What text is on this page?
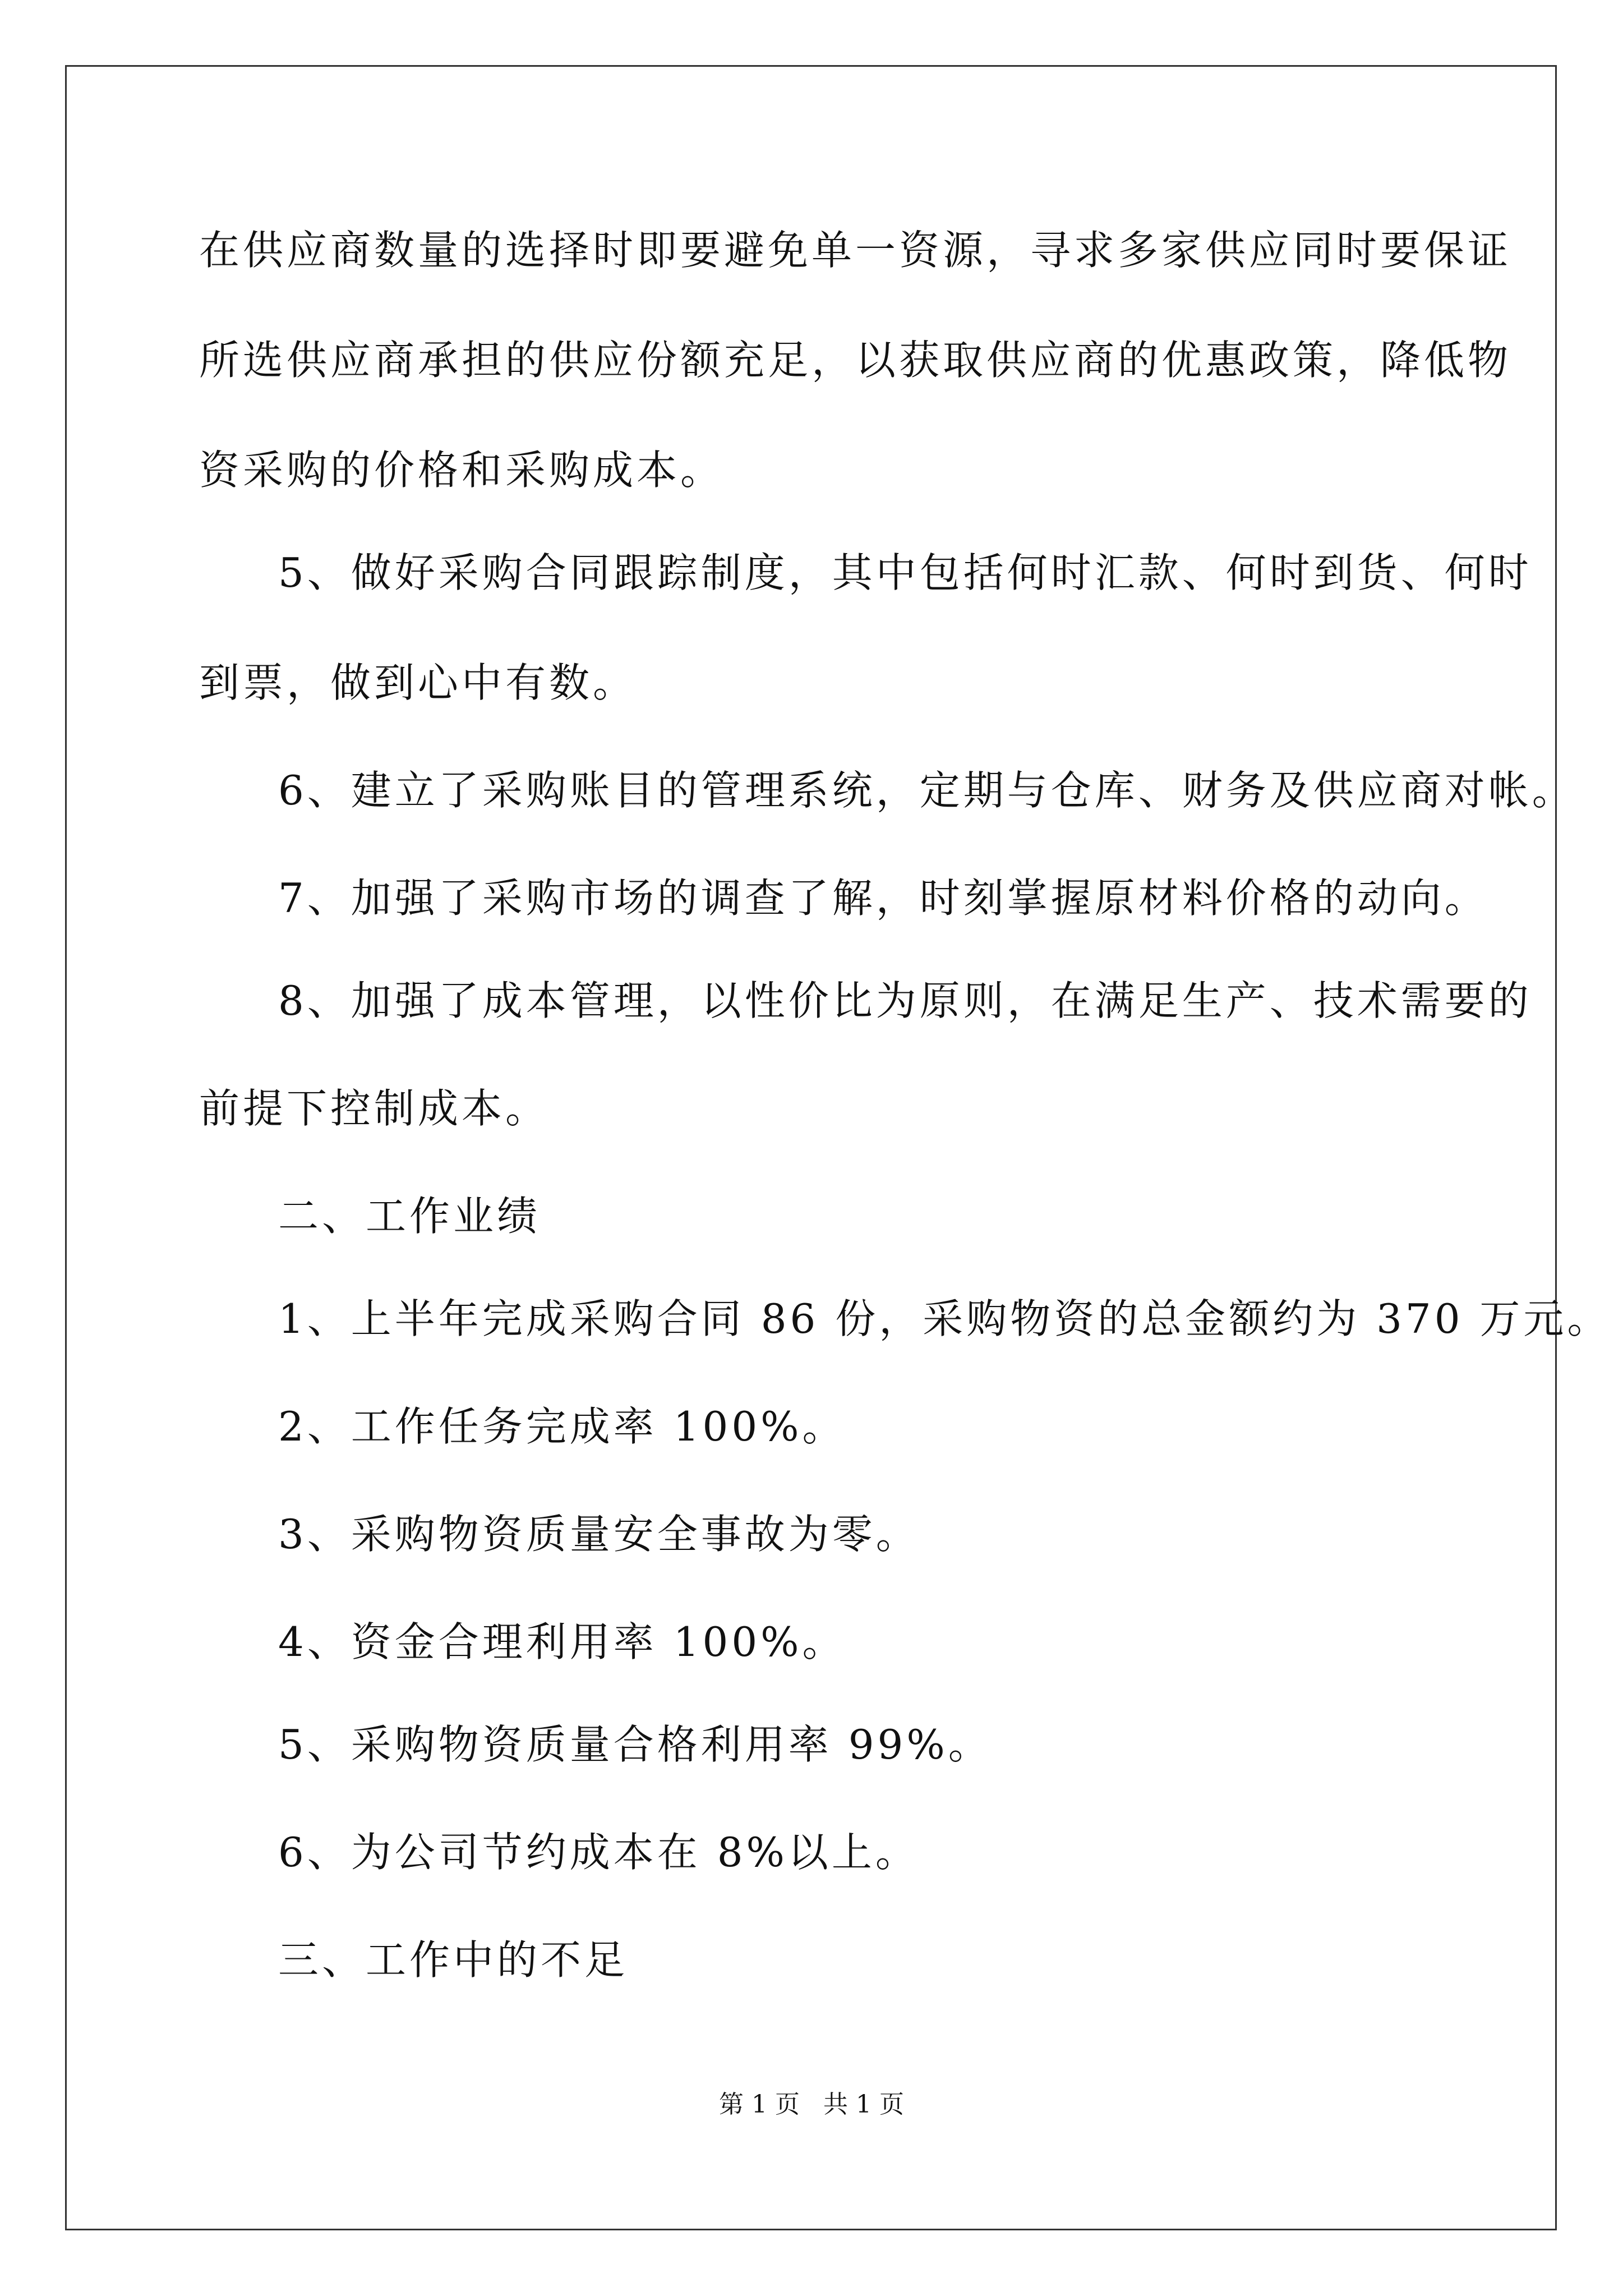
在供应商数量的选择时即要避免单一资源，寻求多家供应同时要保证
所选供应商承担的供应份额充足，以获取供应商的优惠政策，降低物
资采购的价格和采购成本。
5、做好采购合同跟踪制度，其中包括何时汇款、何时到货、何时
到票，做到心中有数。
6、建立了采购账目的管理系统，定期与仓库、财务及供应商对帐。
7、加强了采购市场的调查了解，时刻掌握原材料价格的动向。
8、加强了成本管理，以性价比为原则，在满足生产、技术需要的
前提下控制成本。
二、工作业绩
1、上半年完成采购合同 86 份，采购物资的总金额约为 370 万元。
2、工作任务完成率 100%。
3、采购物资质量安全事故为零。
4、资金合理利用率 100%。
5、采购物资质量合格利用率 99%。
6、为公司节约成本在 8%以上。
三、工作中的不足
第 1 页   共 1 页
